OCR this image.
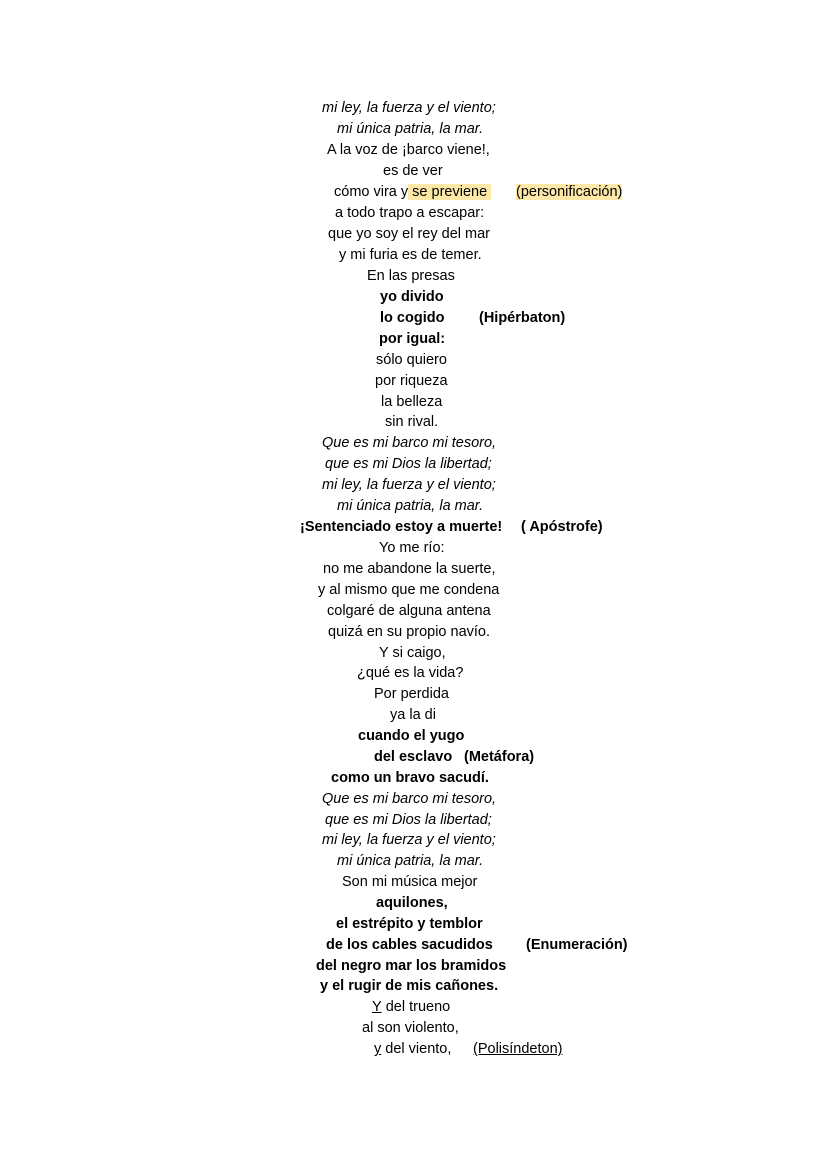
mi ley, la fuerza y el viento;
mi única patria, la mar.
A la voz de ¡barco viene!,
es de ver
cómo vira y se previene (personificación)
a todo trapo a escapar:
que yo soy el rey del mar
y mi furia es de temer.
En las presas
yo divido
lo cogido (Hipérbaton)
por igual:
sólo quiero
por riqueza
la belleza
sin rival.
Que es mi barco mi tesoro,
que es mi Dios la libertad;
mi ley, la fuerza y el viento;
mi única patria, la mar.
¡Sentenciado estoy a muerte! ( Apóstrofe)
Yo me río:
no me abandone la suerte,
y al mismo que me condena
colgaré de alguna antena
quizá en su propio navío.
Y si caigo,
¿qué es la vida?
Por perdida
ya la di
cuando el yugo
del esclavo (Metáfora)
como un bravo sacudí.
Que es mi barco mi tesoro,
que es mi Dios la libertad;
mi ley, la fuerza y el viento;
mi única patria, la mar.
Son mi música mejor
aquilones,
el estrépito y temblor
de los cables sacudidos (Enumeración)
del negro mar los bramidos
y el rugir de mis cañones.
Y del trueno
al son violento,
y del viento, (Polisíndeton)
